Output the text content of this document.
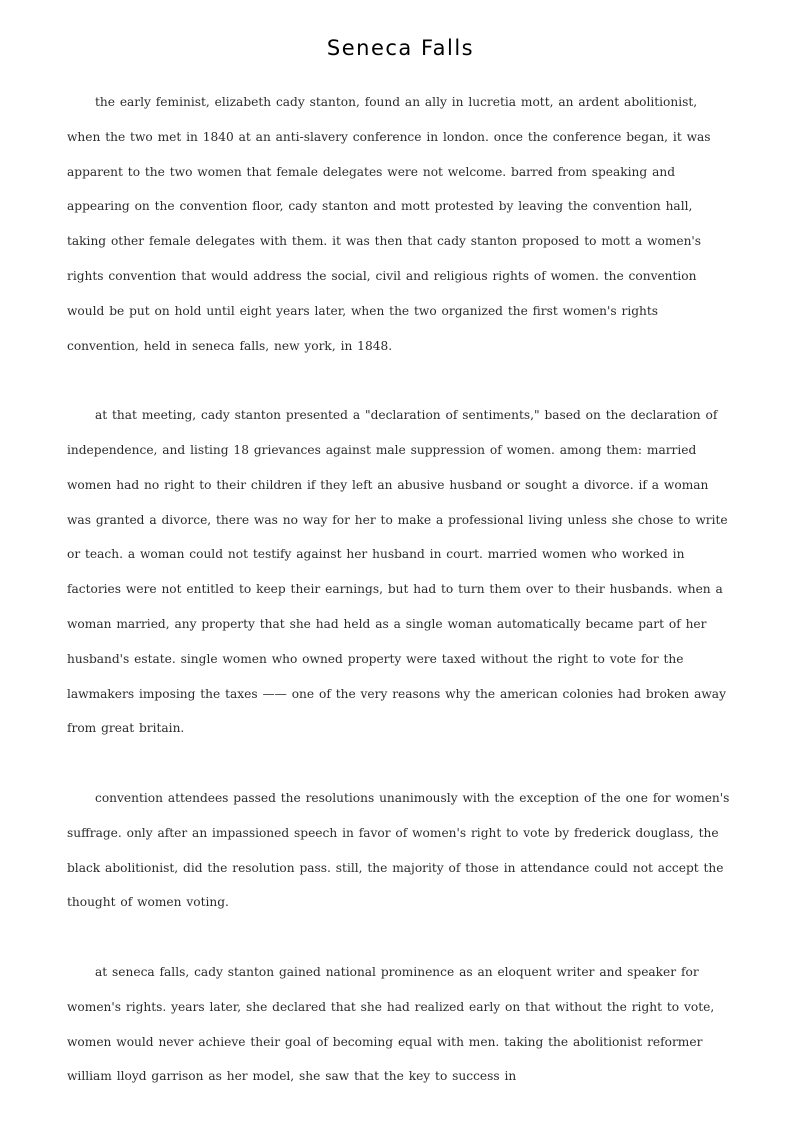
Seneca Falls

the early feminist, elizabeth cady stanton, found an ally in lucretia mott, an ardent abolitionist, when the two met in 1840 at an anti-slavery conference in london. once the conference began, it was apparent to the two women that female delegates were not welcome. barred from speaking and appearing on the convention floor, cady stanton and mott protested by leaving the convention hall, taking other female delegates with them. it was then that cady stanton proposed to mott a women's rights convention that would address the social, civil and religious rights of women. the convention would be put on hold until eight years later, when the two organized the first women's rights convention, held in seneca falls, new york, in 1848.

at that meeting, cady stanton presented a "declaration of sentiments," based on the declaration of independence, and listing 18 grievances against male suppression of women. among them: married women had no right to their children if they left an abusive husband or sought a divorce. if a woman was granted a divorce, there was no way for her to make a professional living unless she chose to write or teach. a woman could not testify against her husband in court. married women who worked in factories were not entitled to keep their earnings, but had to turn them over to their husbands. when a woman married, any property that she had held as a single woman automatically became part of her husband's estate. single women who owned property were taxed without the right to vote for the lawmakers imposing the taxes —— one of the very reasons why the american colonies had broken away from great britain.

convention attendees passed the resolutions unanimously with the exception of the one for women's suffrage. only after an impassioned speech in favor of women's right to vote by frederick douglass, the black abolitionist, did the resolution pass. still, the majority of those in attendance could not accept the thought of women voting.

at seneca falls, cady stanton gained national prominence as an eloquent writer and speaker for women's rights. years later, she declared that she had realized early on that without the right to vote, women would never achieve their goal of becoming equal with men. taking the abolitionist reformer william lloyd garrison as her model, she saw that the key to success in
